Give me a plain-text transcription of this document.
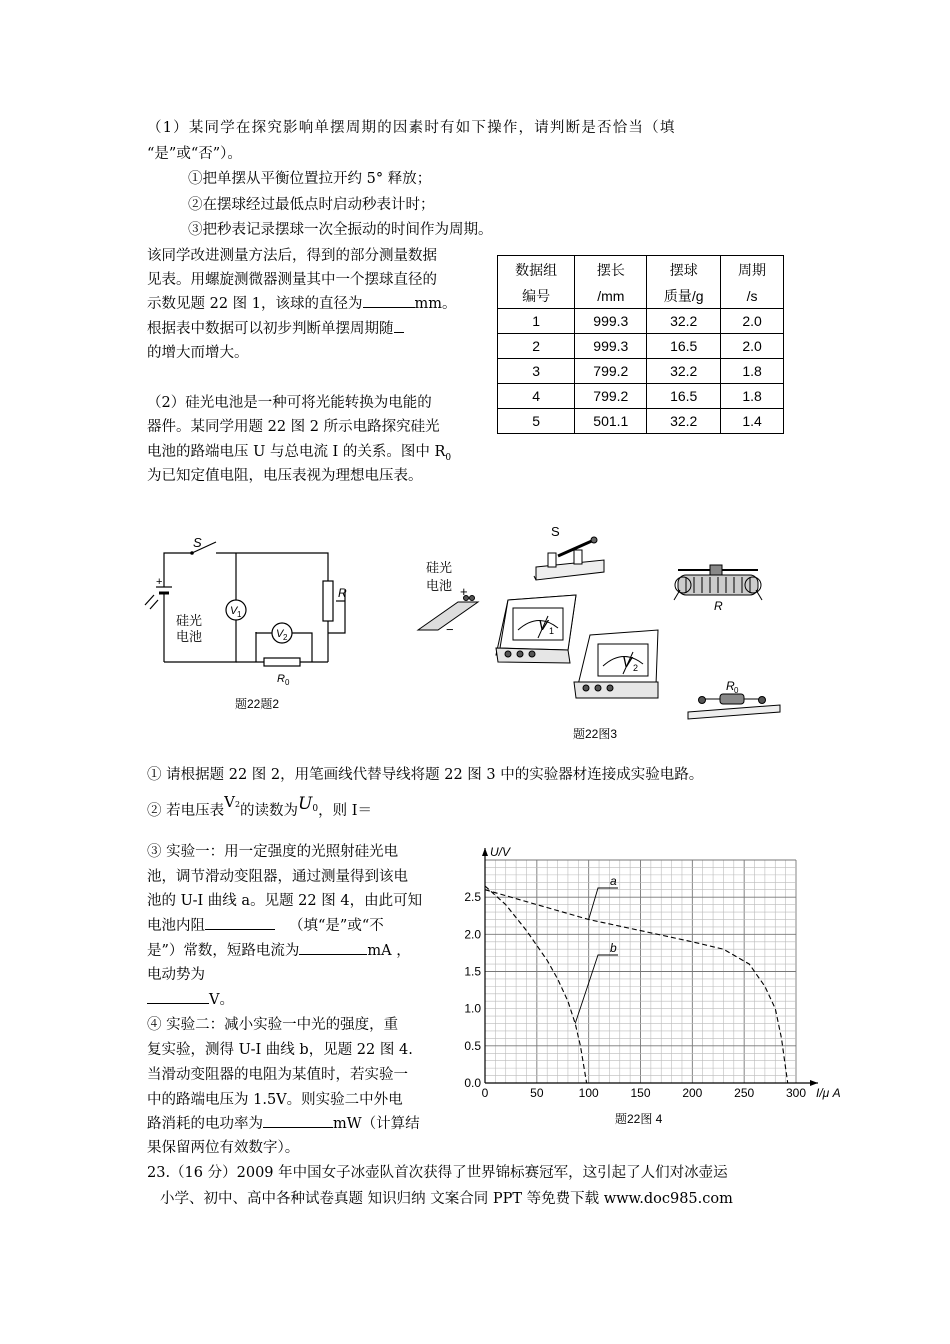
（1）某同学在探究影响单摆周期的因素时有如下操作，请判断是否恰当（填
“是”或“否”）。
①把单摆从平衡位置拉开约 5° 释放；
②在摆球经过最低点时启动秒表计时；
③把秒表记录摆球一次全振动的时间作为周期。
该同学改进测量方法后，得到的部分测量数据
见表。用螺旋测微器测量其中一个摆球直径的
示数见题 22 图 1，该球的直径为	mm。
根据表中数据可以初步判断单摆周期随
的增大而增大。
数据组	摆长	摆球	周期
编号	/mm	质量/g	/s
1	999.3	32.2	2.0
2	999.3	16.5	2.0
3	799.2	32.2	1.8
4	799.2	16.5	1.8
5	501.1	32.2	1.4
（2）硅光电池是一种可将光能转换为电能的
器件。某同学用题 22 图 2 所示电路探究硅光
电池的路端电压 U 与总电流 I 的关系。图中 $R_0$
为已知定值电阻，电压表视为理想电压表。
S
+
硅光
电池
V 1
V 2
R
R 0
题22题2
S
硅光
电池 +
−	V 1
V 2
R
R 0
题22图3
① 请根据题 22 图 2，用笔画线代替导线将题 22 图 3 中的实验器材连接成实验电路。
② 若电压表$V_2$的读数为$U_0$，则 I＝
③ 实验一：用一定强度的光照射硅光电
池，调节滑动变阻器，通过测量得到该电
池的 U-I 曲线 a。见题 22 图 4，由此可知
电池内阻	（填“是”或“不
是”）常数，短路电流为	mA ，
电动势为
V。
④ 实验二：减小实验一中光的强度，重
复实验，测得 U-I 曲线 b，见题 22 图 4.
当滑动变阻器的电阻为某值时，若实验一
中的路端电压为 1.5V。则实验二中外电
路消耗的电功率为	mW（计算结
果保留两位有效数字）。
0	50	100	150	200	250	300
0.0
0.5
1.0
1.5
2.0
2.5
a
b
U/V
I/μ A
题22图 4
23.（16 分）2009 年中国女子冰壶队首次获得了世界锦标赛冠军，这引起了人们对冰壶运
小学、初中、高中各种试卷真题 知识归纳 文案合同 PPT 等免费下载 www.doc985.com
